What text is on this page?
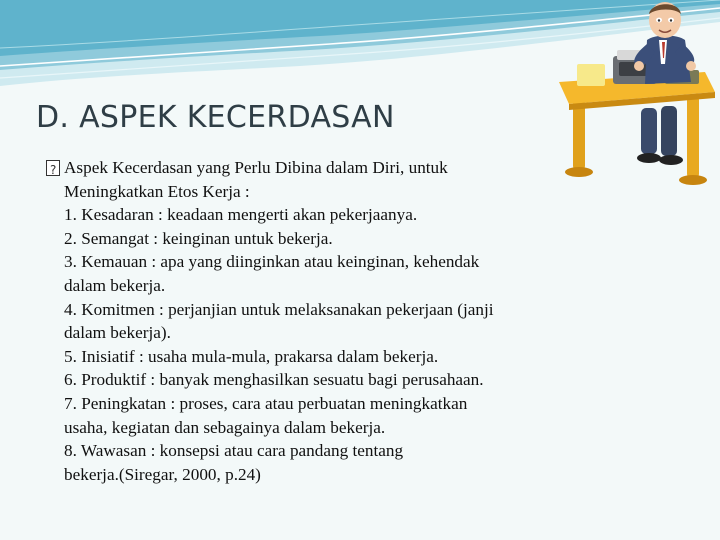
D. ASPEK KECERDASAN
?
Aspek Kecerdasan yang Perlu Dibina dalam Diri, untuk
Meningkatkan Etos Kerja :
1. Kesadaran : keadaan mengerti akan pekerjaanya.
2. Semangat : keinginan untuk bekerja.
3. Kemauan : apa yang diinginkan atau keinginan, kehendak
dalam bekerja.
4. Komitmen : perjanjian untuk melaksanakan pekerjaan (janji
dalam bekerja).
5. Inisiatif : usaha mula-mula, prakarsa dalam bekerja.
6. Produktif : banyak menghasilkan sesuatu bagi perusahaan.
7. Peningkatan : proses, cara atau perbuatan meningkatkan
usaha, kegiatan dan sebagainya dalam bekerja.
8. Wawasan : konsepsi atau cara pandang tentang
bekerja.(Siregar, 2000, p.24)
